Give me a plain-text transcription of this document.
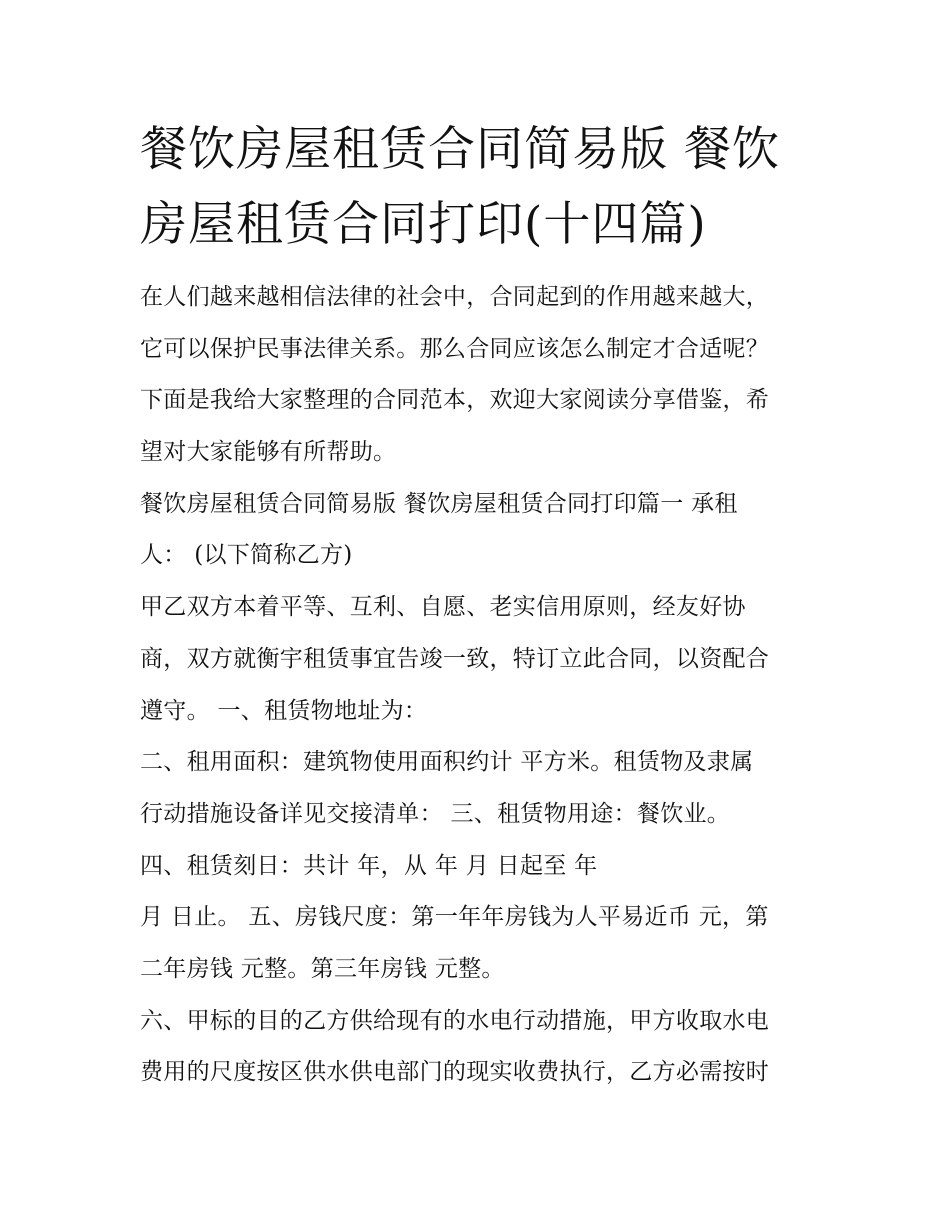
餐饮房屋租赁合同简易版 餐饮
房屋租赁合同打印(十四篇)
在人们越来越相信法律的社会中，合同起到的作用越来越大，
它可以保护民事法律关系。那么合同应该怎么制定才合适呢？
下面是我给大家整理的合同范本，欢迎大家阅读分享借鉴，希
望对大家能够有所帮助。
餐饮房屋租赁合同简易版 餐饮房屋租赁合同打印篇一 承租
人： (以下简称乙方)
甲乙双方本着平等、互利、自愿、老实信用原则，经友好协
商，双方就衡宇租赁事宜告竣一致，特订立此合同，以资配合
遵守。 一、租赁物地址为：
二、租用面积：建筑物使用面积约计 平方米。租赁物及隶属
行动措施设备详见交接清单： 三、租赁物用途：餐饮业。
四、租赁刻日：共计 年，从 年 月 日起至 年
月 日止。 五、房钱尺度：第一年年房钱为人平易近币 元，第
二年房钱 元整。第三年房钱 元整。
六、甲标的目的乙方供给现有的水电行动措施，甲方收取水电
费用的尺度按区供水供电部门的现实收费执行，乙方必需按时
